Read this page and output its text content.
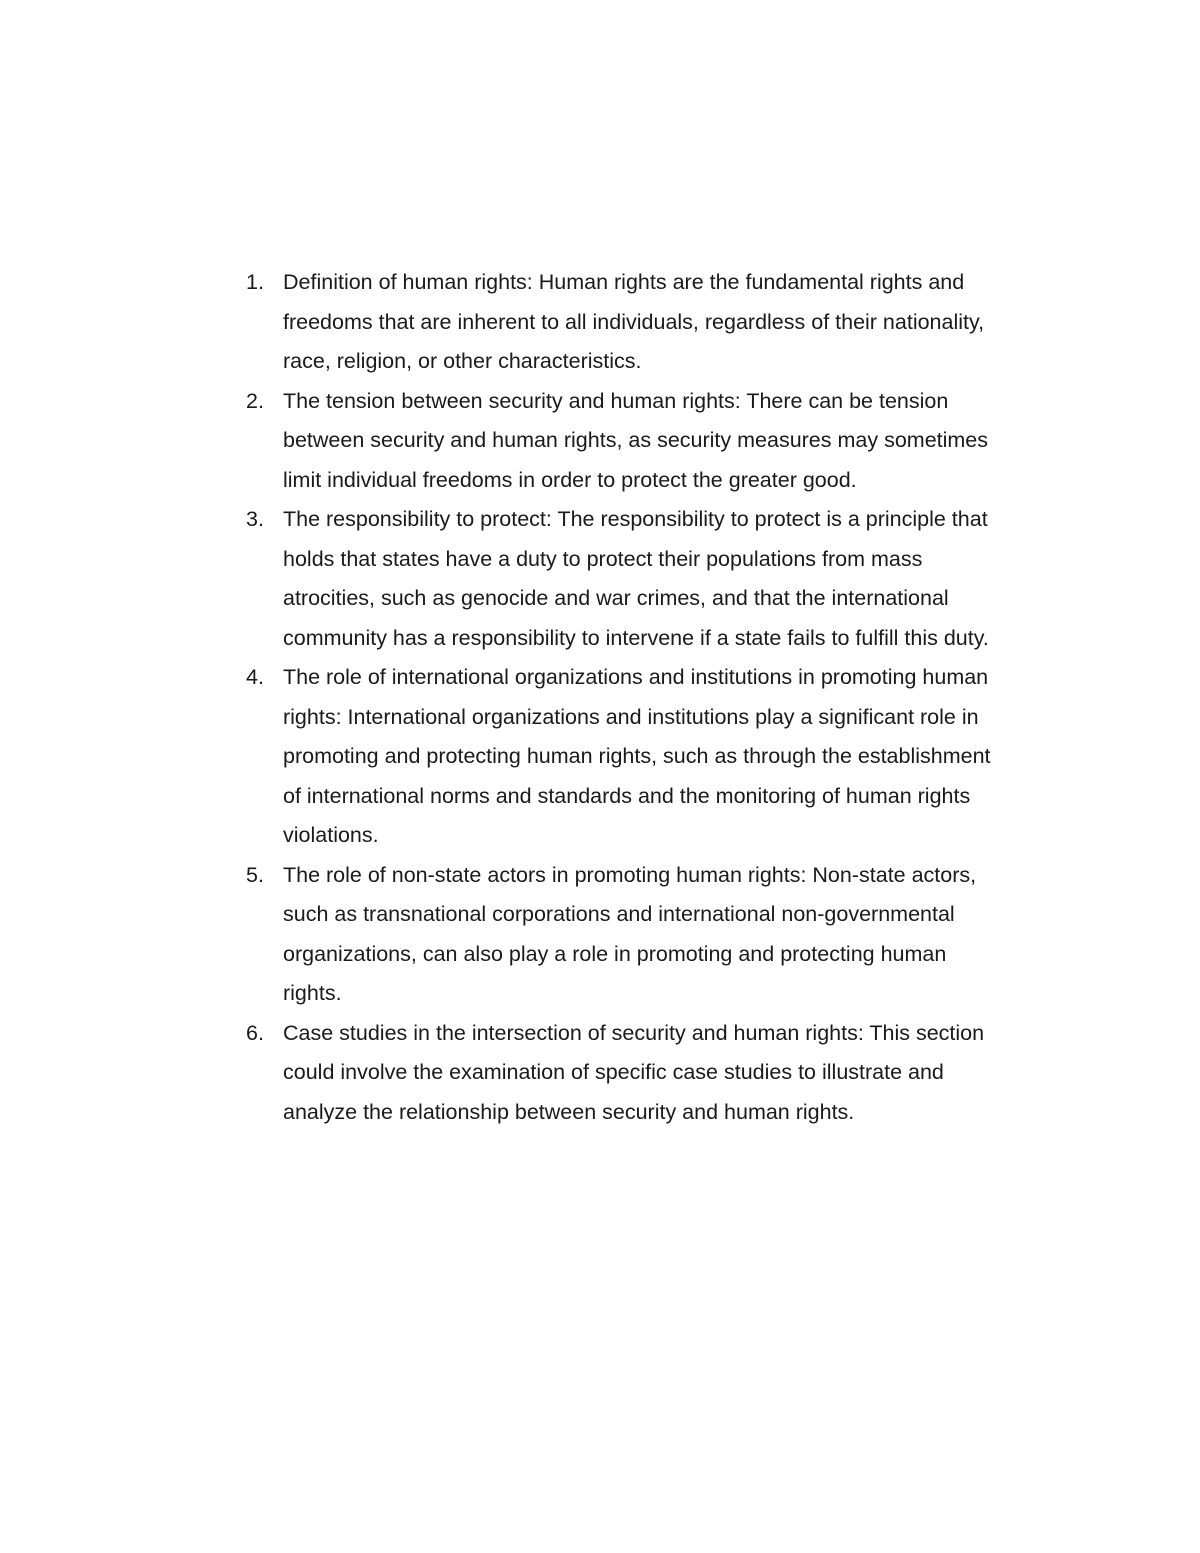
1. Definition of human rights: Human rights are the fundamental rights and freedoms that are inherent to all individuals, regardless of their nationality, race, religion, or other characteristics.
2. The tension between security and human rights: There can be tension between security and human rights, as security measures may sometimes limit individual freedoms in order to protect the greater good.
3. The responsibility to protect: The responsibility to protect is a principle that holds that states have a duty to protect their populations from mass atrocities, such as genocide and war crimes, and that the international community has a responsibility to intervene if a state fails to fulfill this duty.
4. The role of international organizations and institutions in promoting human rights: International organizations and institutions play a significant role in promoting and protecting human rights, such as through the establishment of international norms and standards and the monitoring of human rights violations.
5. The role of non-state actors in promoting human rights: Non-state actors, such as transnational corporations and international non-governmental organizations, can also play a role in promoting and protecting human rights.
6. Case studies in the intersection of security and human rights: This section could involve the examination of specific case studies to illustrate and analyze the relationship between security and human rights.
